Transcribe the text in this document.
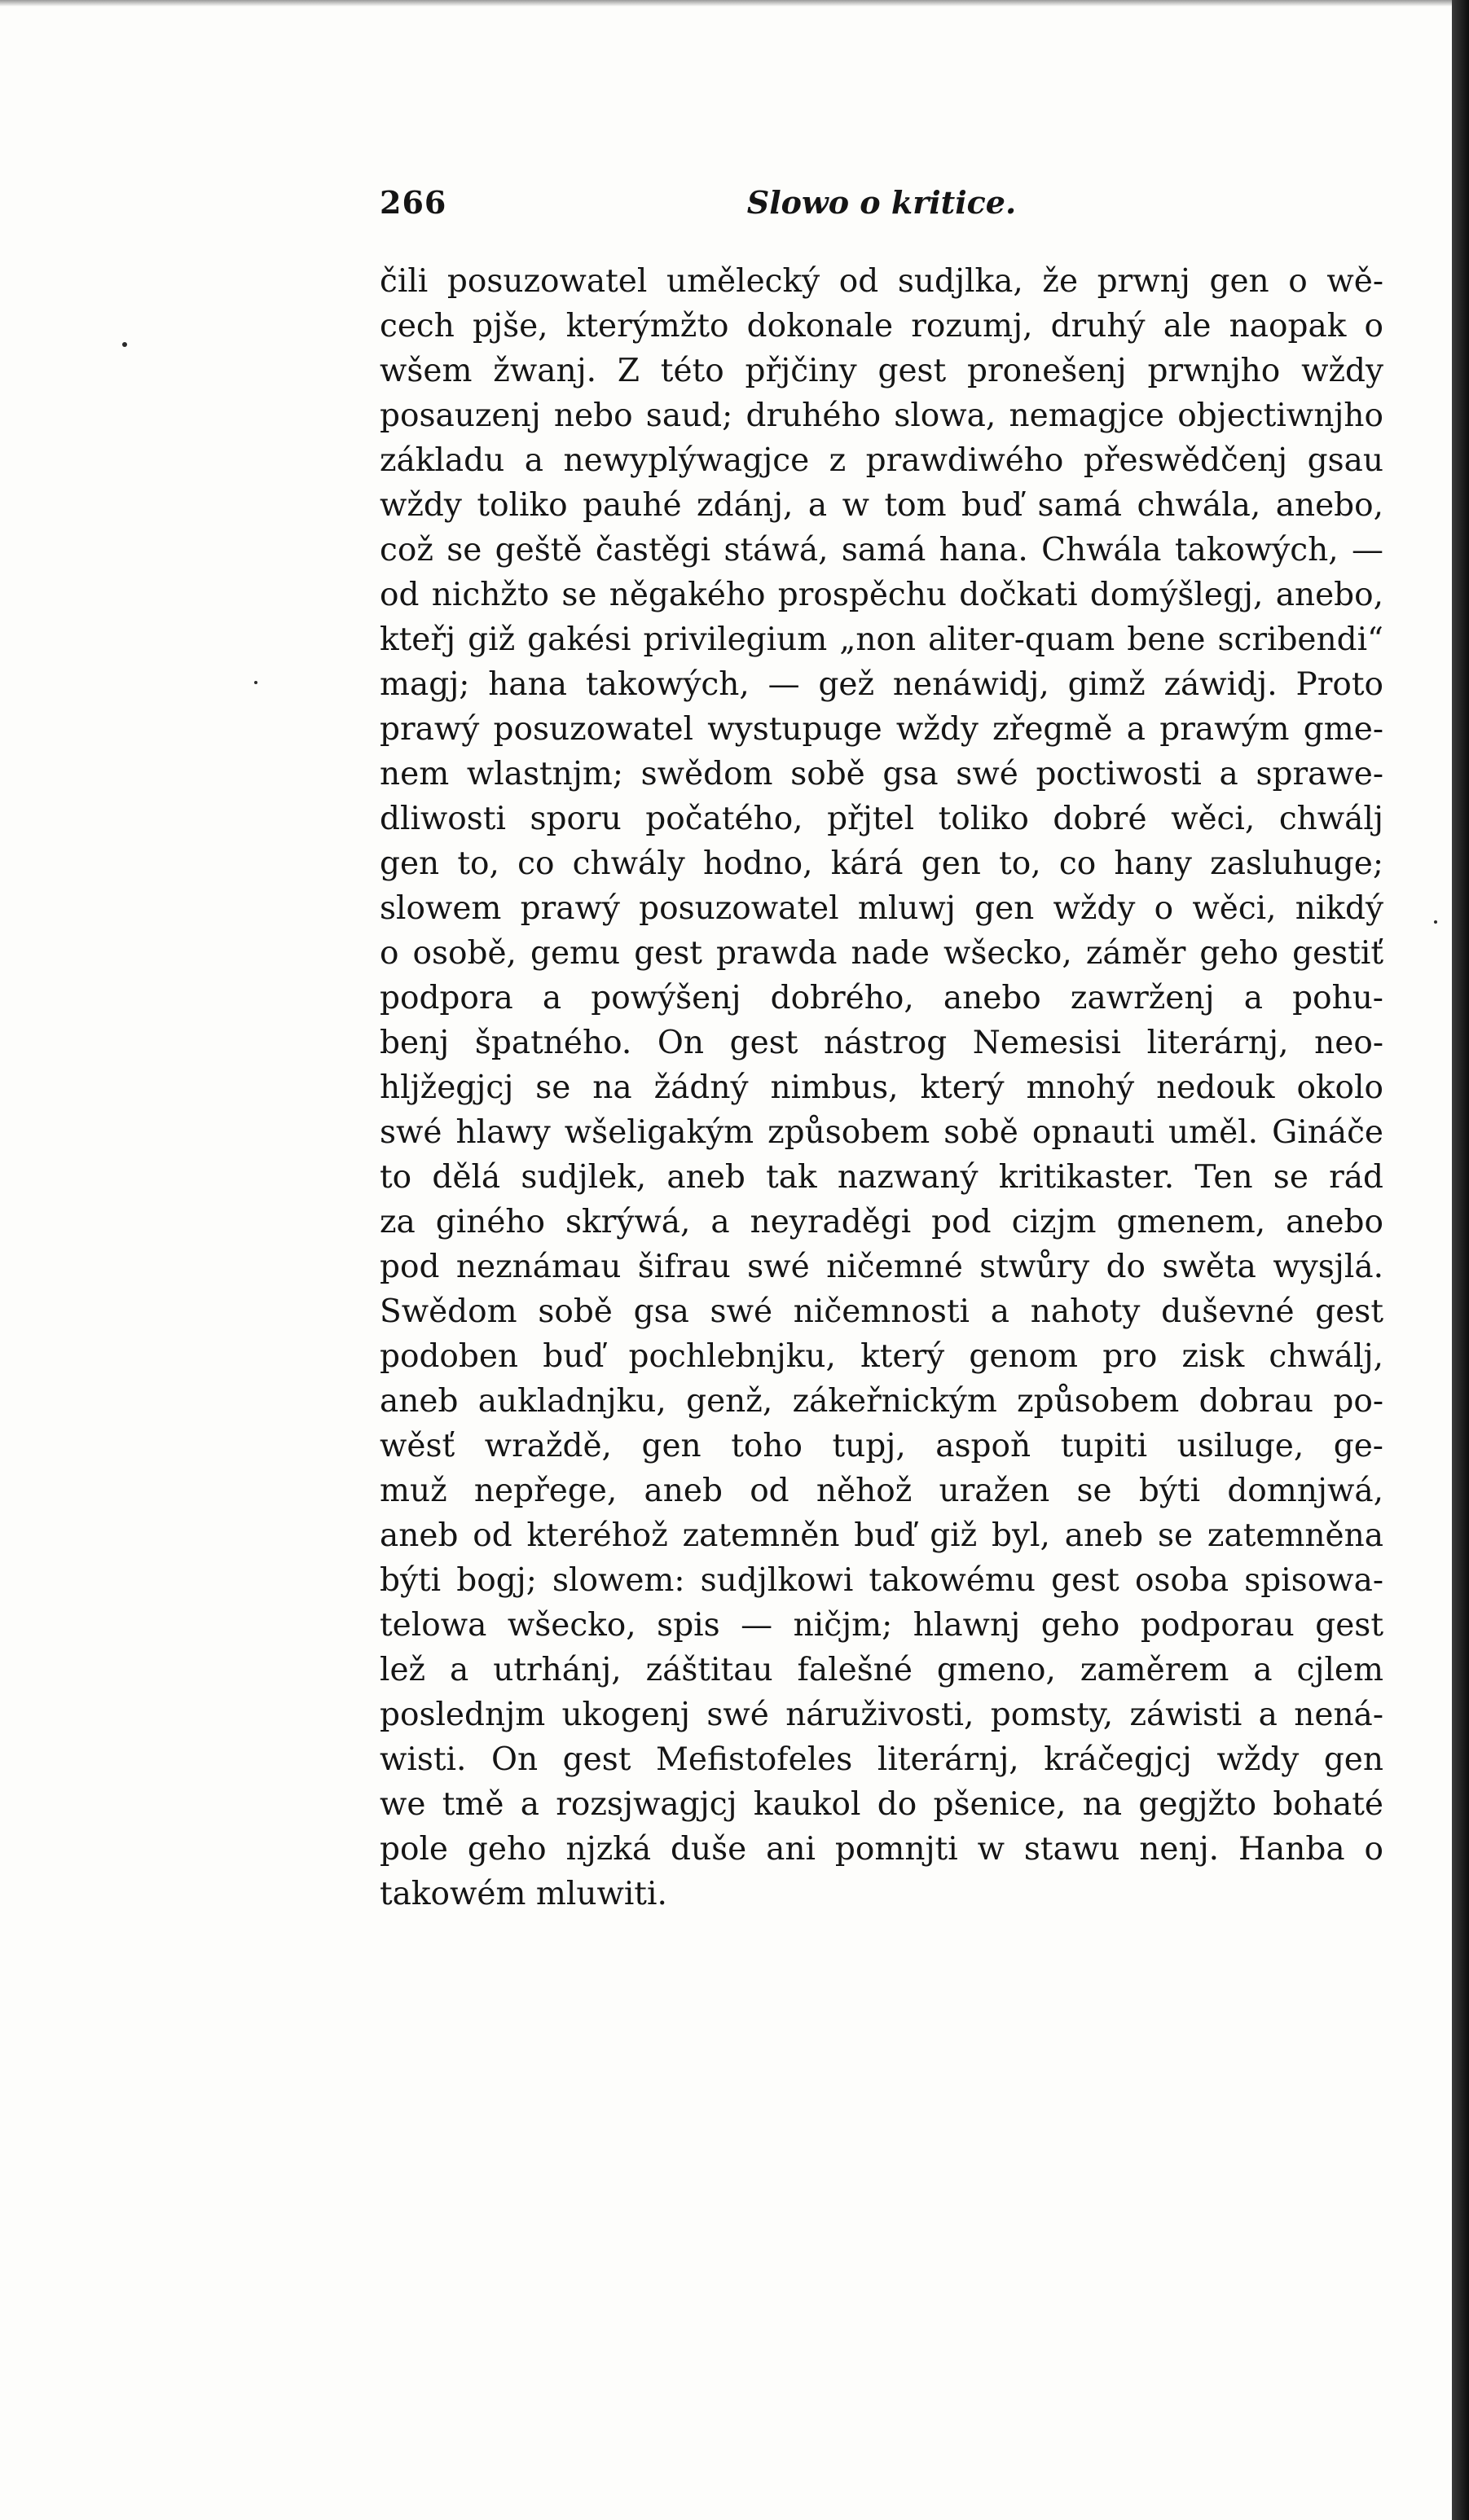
266	Slowo o kritice.
čili posuzowatel umělecký od sudjlka, že prwnj gen o wě-
cech pjše, kterýmžto dokonale rozumj, druhý ale naopak o
wšem žwanj. Z této přjčiny gest pronešenj prwnjho wždy
posauzenj nebo saud; druhého slowa, nemagjce objectiwnjho
základu a newyplýwagjce z prawdiwého přeswědčenj gsau
wždy toliko pauhé zdánj, a w tom buď samá chwála, anebo,
což se geště častěgi stáwá, samá hana. Chwála takowých, —
od nichžto se něgakého prospěchu dočkati domýšlegj, anebo,
kteřj giž gakési privilegium „non aliter-quam bene scribendi“
magj; hana takowých, — gež nenáwidj, gimž záwidj. Proto
prawý posuzowatel wystupuge wždy zřegmě a prawým gme-
nem wlastnjm; swědom sobě gsa swé poctiwosti a sprawe-
dliwosti sporu počatého, přjtel toliko dobré wěci, chwálj
gen to, co chwály hodno, kárá gen to, co hany zasluhuge;
slowem prawý posuzowatel mluwj gen wždy o wěci, nikdý
o osobě, gemu gest prawda nade wšecko, záměr geho gestiť
podpora a powýšenj dobrého, anebo zawrženj a pohu-
benj špatného. On gest nástrog Nemesisi literárnj, neo-
hljžegjcj se na žádný nimbus, který mnohý nedouk okolo
swé hlawy wšeligakým způsobem sobě opnauti uměl. Gináče
to dělá sudjlek, aneb tak nazwaný kritikaster. Ten se rád
za giného skrýwá, a neyraděgi pod cizjm gmenem, anebo
pod neznámau šifrau swé ničemné stwůry do swěta wysjlá.
Swědom sobě gsa swé ničemnosti a nahoty duševné gest
podoben buď pochlebnjku, který genom pro zisk chwálj,
aneb aukladnjku, genž, zákeřnickým způsobem dobrau po-
wěsť wraždě, gen toho tupj, aspoň tupiti usiluge, ge-
muž nepřege, aneb od něhož uražen se býti domnjwá,
aneb od kteréhož zatemněn buď giž byl, aneb se zatemněna
býti bogj; slowem: sudjlkowi takowému gest osoba spisowa-
telowa wšecko, spis — ničjm; hlawnj geho podporau gest
lež a utrhánj, záštitau falešné gmeno, zaměrem a cjlem
poslednjm ukogenj swé náruživosti, pomsty, záwisti a nená-
wisti. On gest Mefistofeles literárnj, kráčegjcj wždy gen
we tmě a rozsjwagjcj kaukol do pšenice, na gegjžto bohaté
pole geho njzká duše ani pomnjti w stawu nenj. Hanba o
takowém mluwiti.
